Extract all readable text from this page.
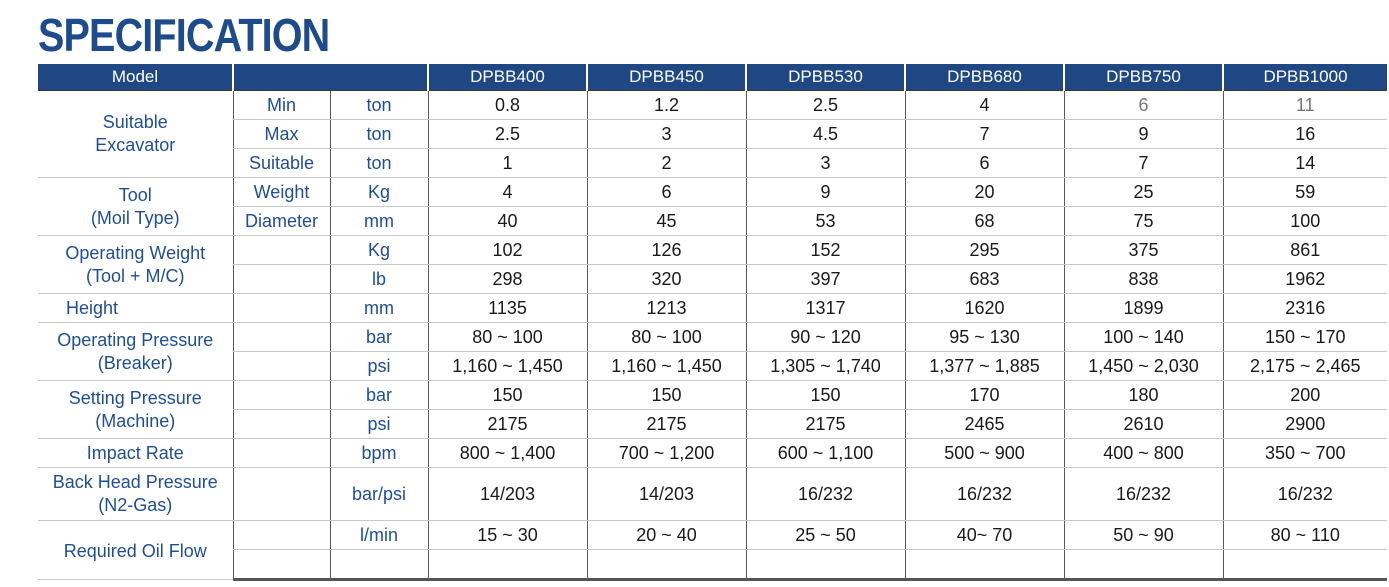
SPECIFICATION
Model			DPBB400	DPBB450	DPBB530	DPBB680	DPBB750	DPBB1000

Suitable
Excavator	Min	ton	0.8	1.2	2.5	4	6	11
	Max	ton	2.5	3	4.5	7	9	16
	Suitable	ton	1	2	3	6	7	14

Tool
(Moil Type)	Weight	Kg	4	6	9	20	25	59
	Diameter	mm	40	45	53	68	75	100

Operating Weight
(Tool + M/C)		Kg	102	126	152	295	375	861
		lb	298	320	397	683	838	1962
Height		mm	1135	1213	1317	1620	1899	2316

Operating Pressure
(Breaker)		bar	80 ~ 100	80 ~ 100	90 ~ 120	95 ~ 130	100 ~ 140	150 ~ 170
		psi	1,160 ~ 1,450	1,160 ~ 1,450	1,305 ~ 1,740	1,377 ~ 1,885	1,450 ~ 2,030	2,175 ~ 2,465

Setting Pressure
(Machine)		bar	150	150	150	170	180	200
		psi	2175	2175	2175	2465	2610	2900
Impact Rate		bpm	800 ~ 1,400	700 ~ 1,200	600 ~ 1,100	500 ~ 900	400 ~ 800	350 ~ 700

Back Head Pressure
(N2-Gas)		bar/psi	14/203	14/203	16/232	16/232	16/232	16/232

Required Oil Flow		l/min	15 ~ 30	20 ~ 40	25 ~ 50	40~ 70	50 ~ 90	80 ~ 110
